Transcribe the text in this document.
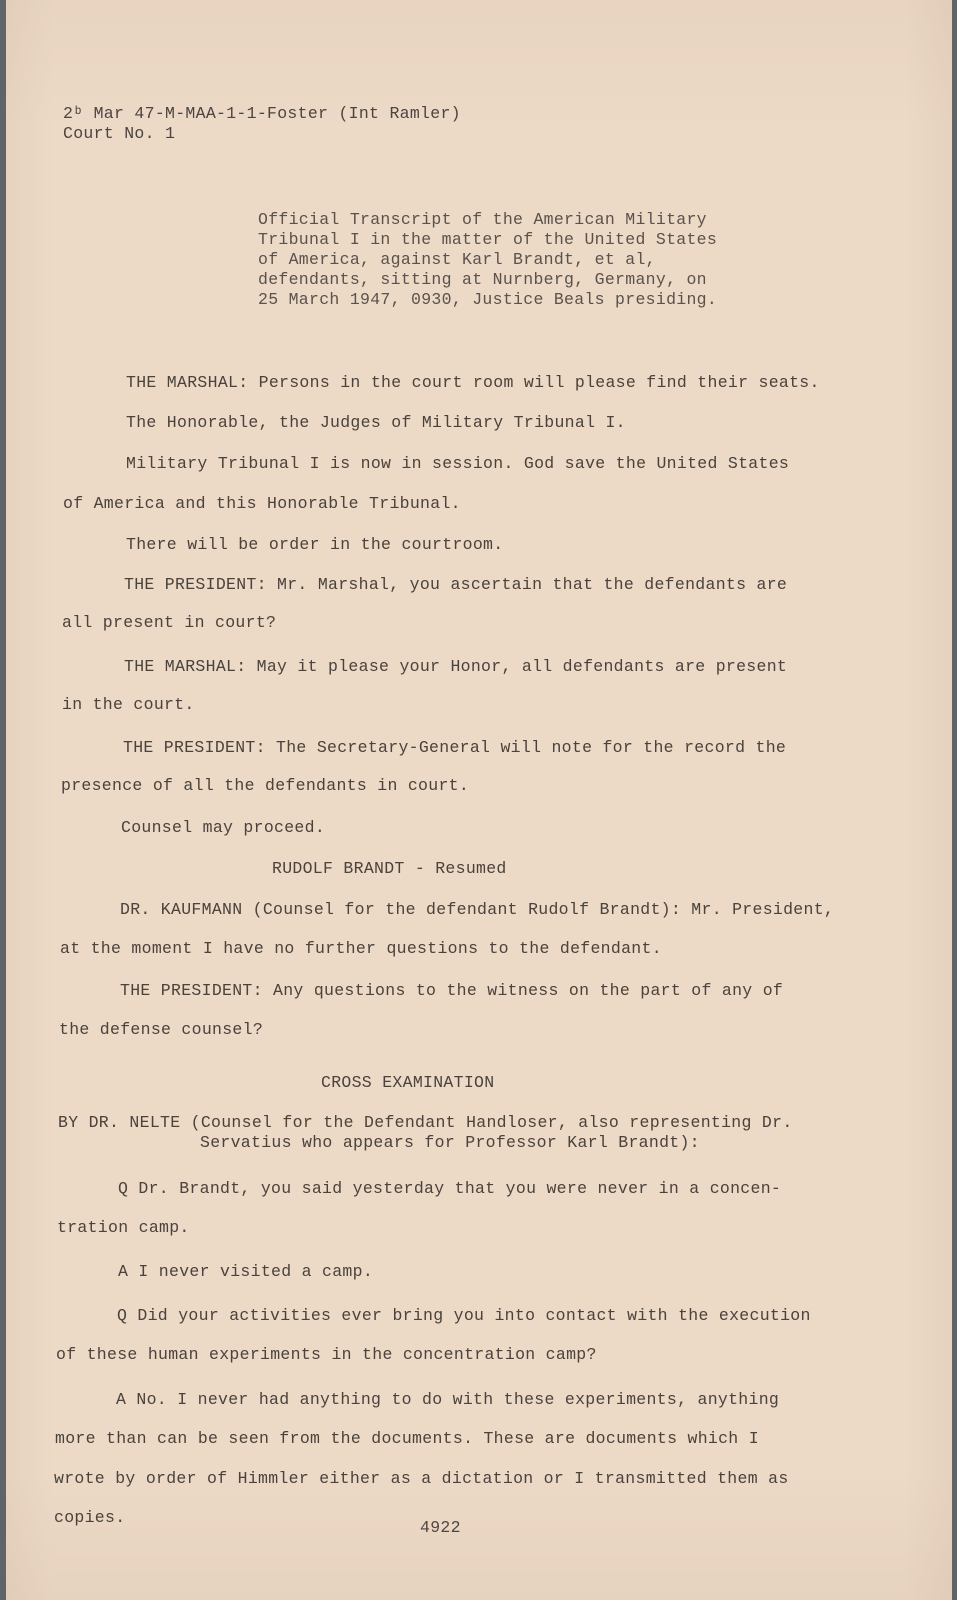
2ᵇ Mar 47-M-MAA-1-1-Foster (Int Ramler)
Court No. 1
Official Transcript of the American Military
Tribunal I in the matter of the United States
of America, against Karl Brandt, et al,
defendants, sitting at Nurnberg, Germany, on
25 March 1947, 0930, Justice Beals presiding.
THE MARSHAL: Persons in the court room will please find their seats.
The Honorable, the Judges of Military Tribunal I.
Military Tribunal I is now in session. God save the United States
of America and this Honorable Tribunal.
There will be order in the courtroom.
THE PRESIDENT: Mr. Marshal, you ascertain that the defendants are
all present in court?
THE MARSHAL: May it please your Honor, all defendants are present
in the court.
THE PRESIDENT: The Secretary-General will note for the record the
presence of all the defendants in court.
Counsel may proceed.
RUDOLF BRANDT - Resumed
DR. KAUFMANN (Counsel for the defendant Rudolf Brandt): Mr. President,
at the moment I have no further questions to the defendant.
THE PRESIDENT: Any questions to the witness on the part of any of
the defense counsel?
CROSS EXAMINATION
BY DR. NELTE (Counsel for the Defendant Handloser, also representing Dr.
Servatius who appears for Professor Karl Brandt):
Q Dr. Brandt, you said yesterday that you were never in a concen-
tration camp.
A I never visited a camp.
Q Did your activities ever bring you into contact with the execution
of these human experiments in the concentration camp?
A No. I never had anything to do with these experiments, anything
more than can be seen from the documents. These are documents which I
wrote by order of Himmler either as a dictation or I transmitted them as
copies.
4922
